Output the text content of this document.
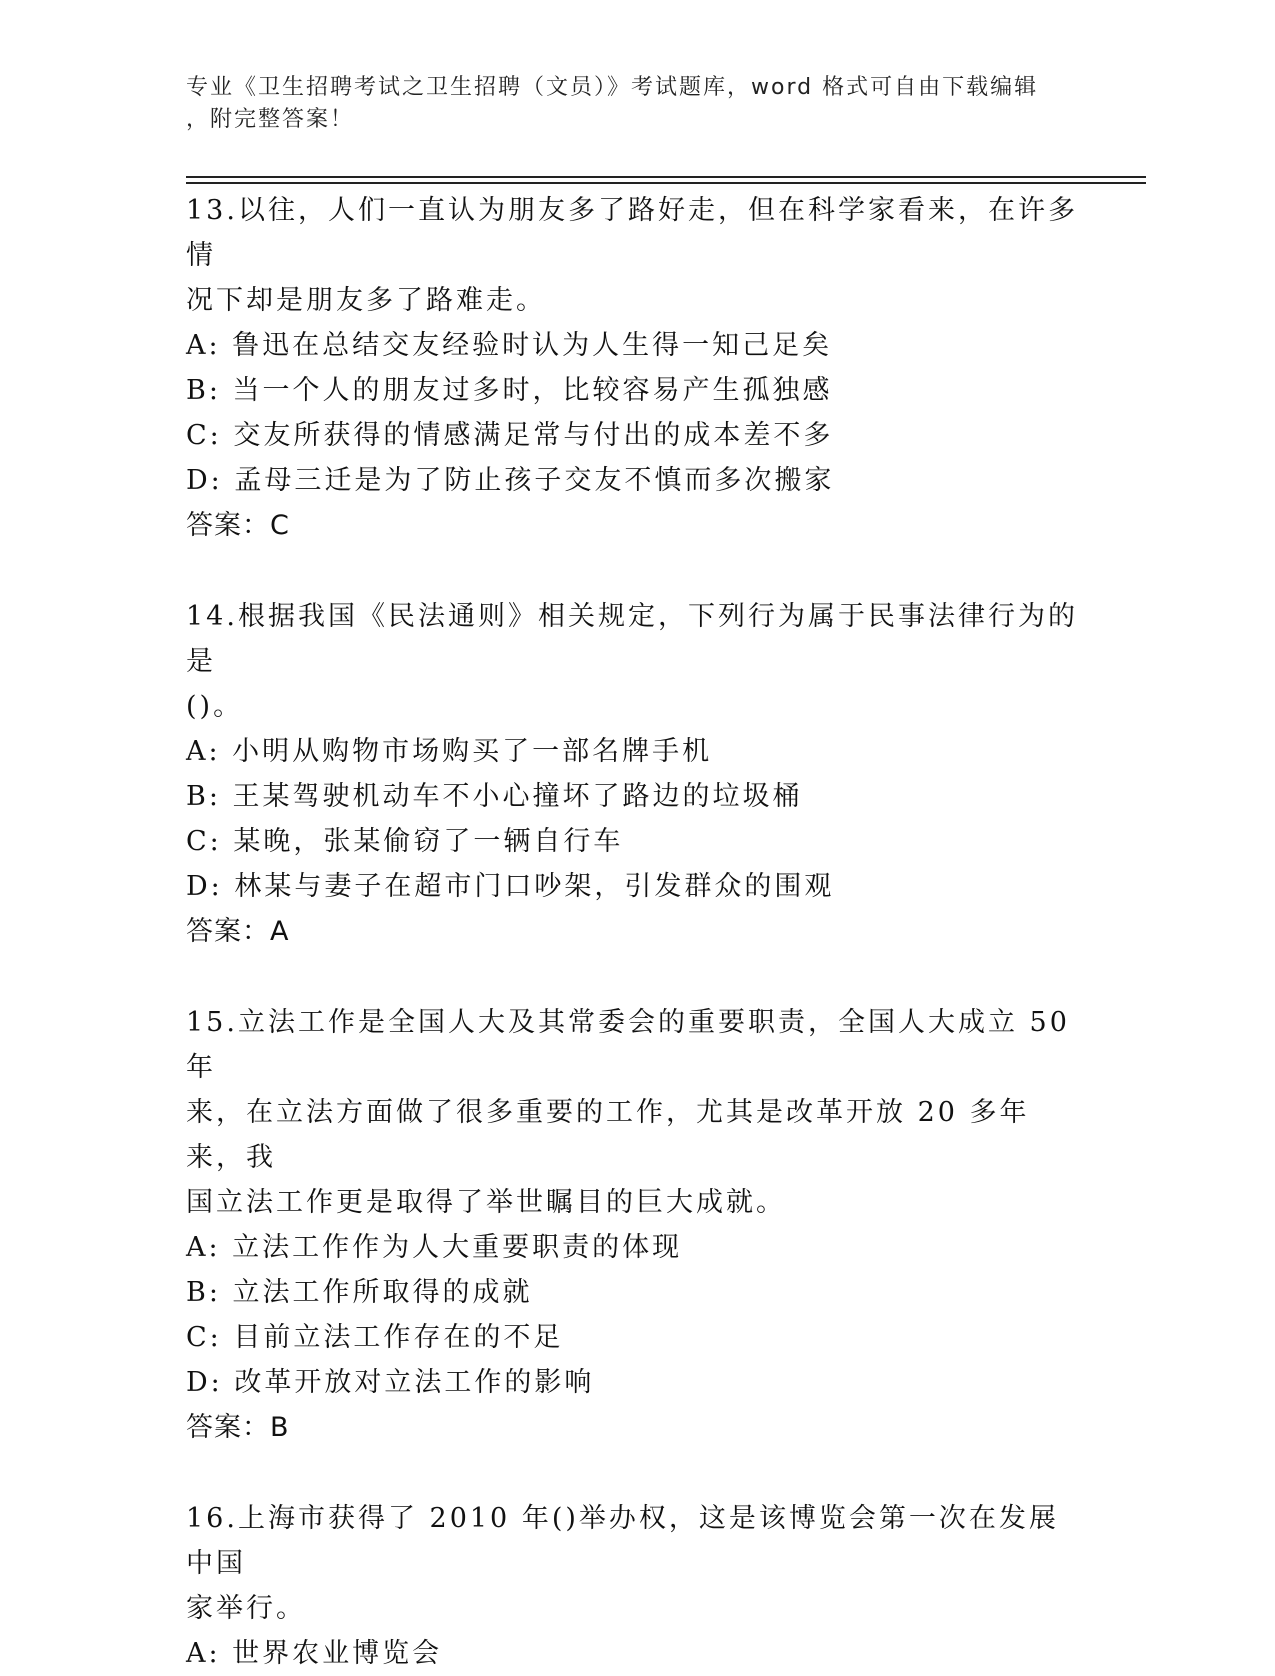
专业《卫生招聘考试之卫生招聘（文员）》考试题库，word 格式可自由下载编辑
，附完整答案！

13.以往，人们一直认为朋友多了路好走，但在科学家看来，在许多情

况下却是朋友多了路难走。

A: 鲁迅在总结交友经验时认为人生得一知己足矣

B: 当一个人的朋友过多时，比较容易产生孤独感

C: 交友所获得的情感满足常与付出的成本差不多

D: 孟母三迁是为了防止孩子交友不慎而多次搬家

答案：C

14.根据我国《民法通则》相关规定，下列行为属于民事法律行为的是

()。

A: 小明从购物市场购买了一部名牌手机

B: 王某驾驶机动车不小心撞坏了路边的垃圾桶

C: 某晚，张某偷窃了一辆自行车

D: 林某与妻子在超市门口吵架，引发群众的围观

答案：A

15.立法工作是全国人大及其常委会的重要职责，全国人大成立 50 年

来，在立法方面做了很多重要的工作，尤其是改革开放 20 多年来，我

国立法工作更是取得了举世瞩目的巨大成就。

A: 立法工作作为人大重要职责的体现

B: 立法工作所取得的成就

C: 目前立法工作存在的不足

D: 改革开放对立法工作的影响

答案：B

16.上海市获得了 2010 年()举办权，这是该博览会第一次在发展中国

家举行。

A: 世界农业博览会
